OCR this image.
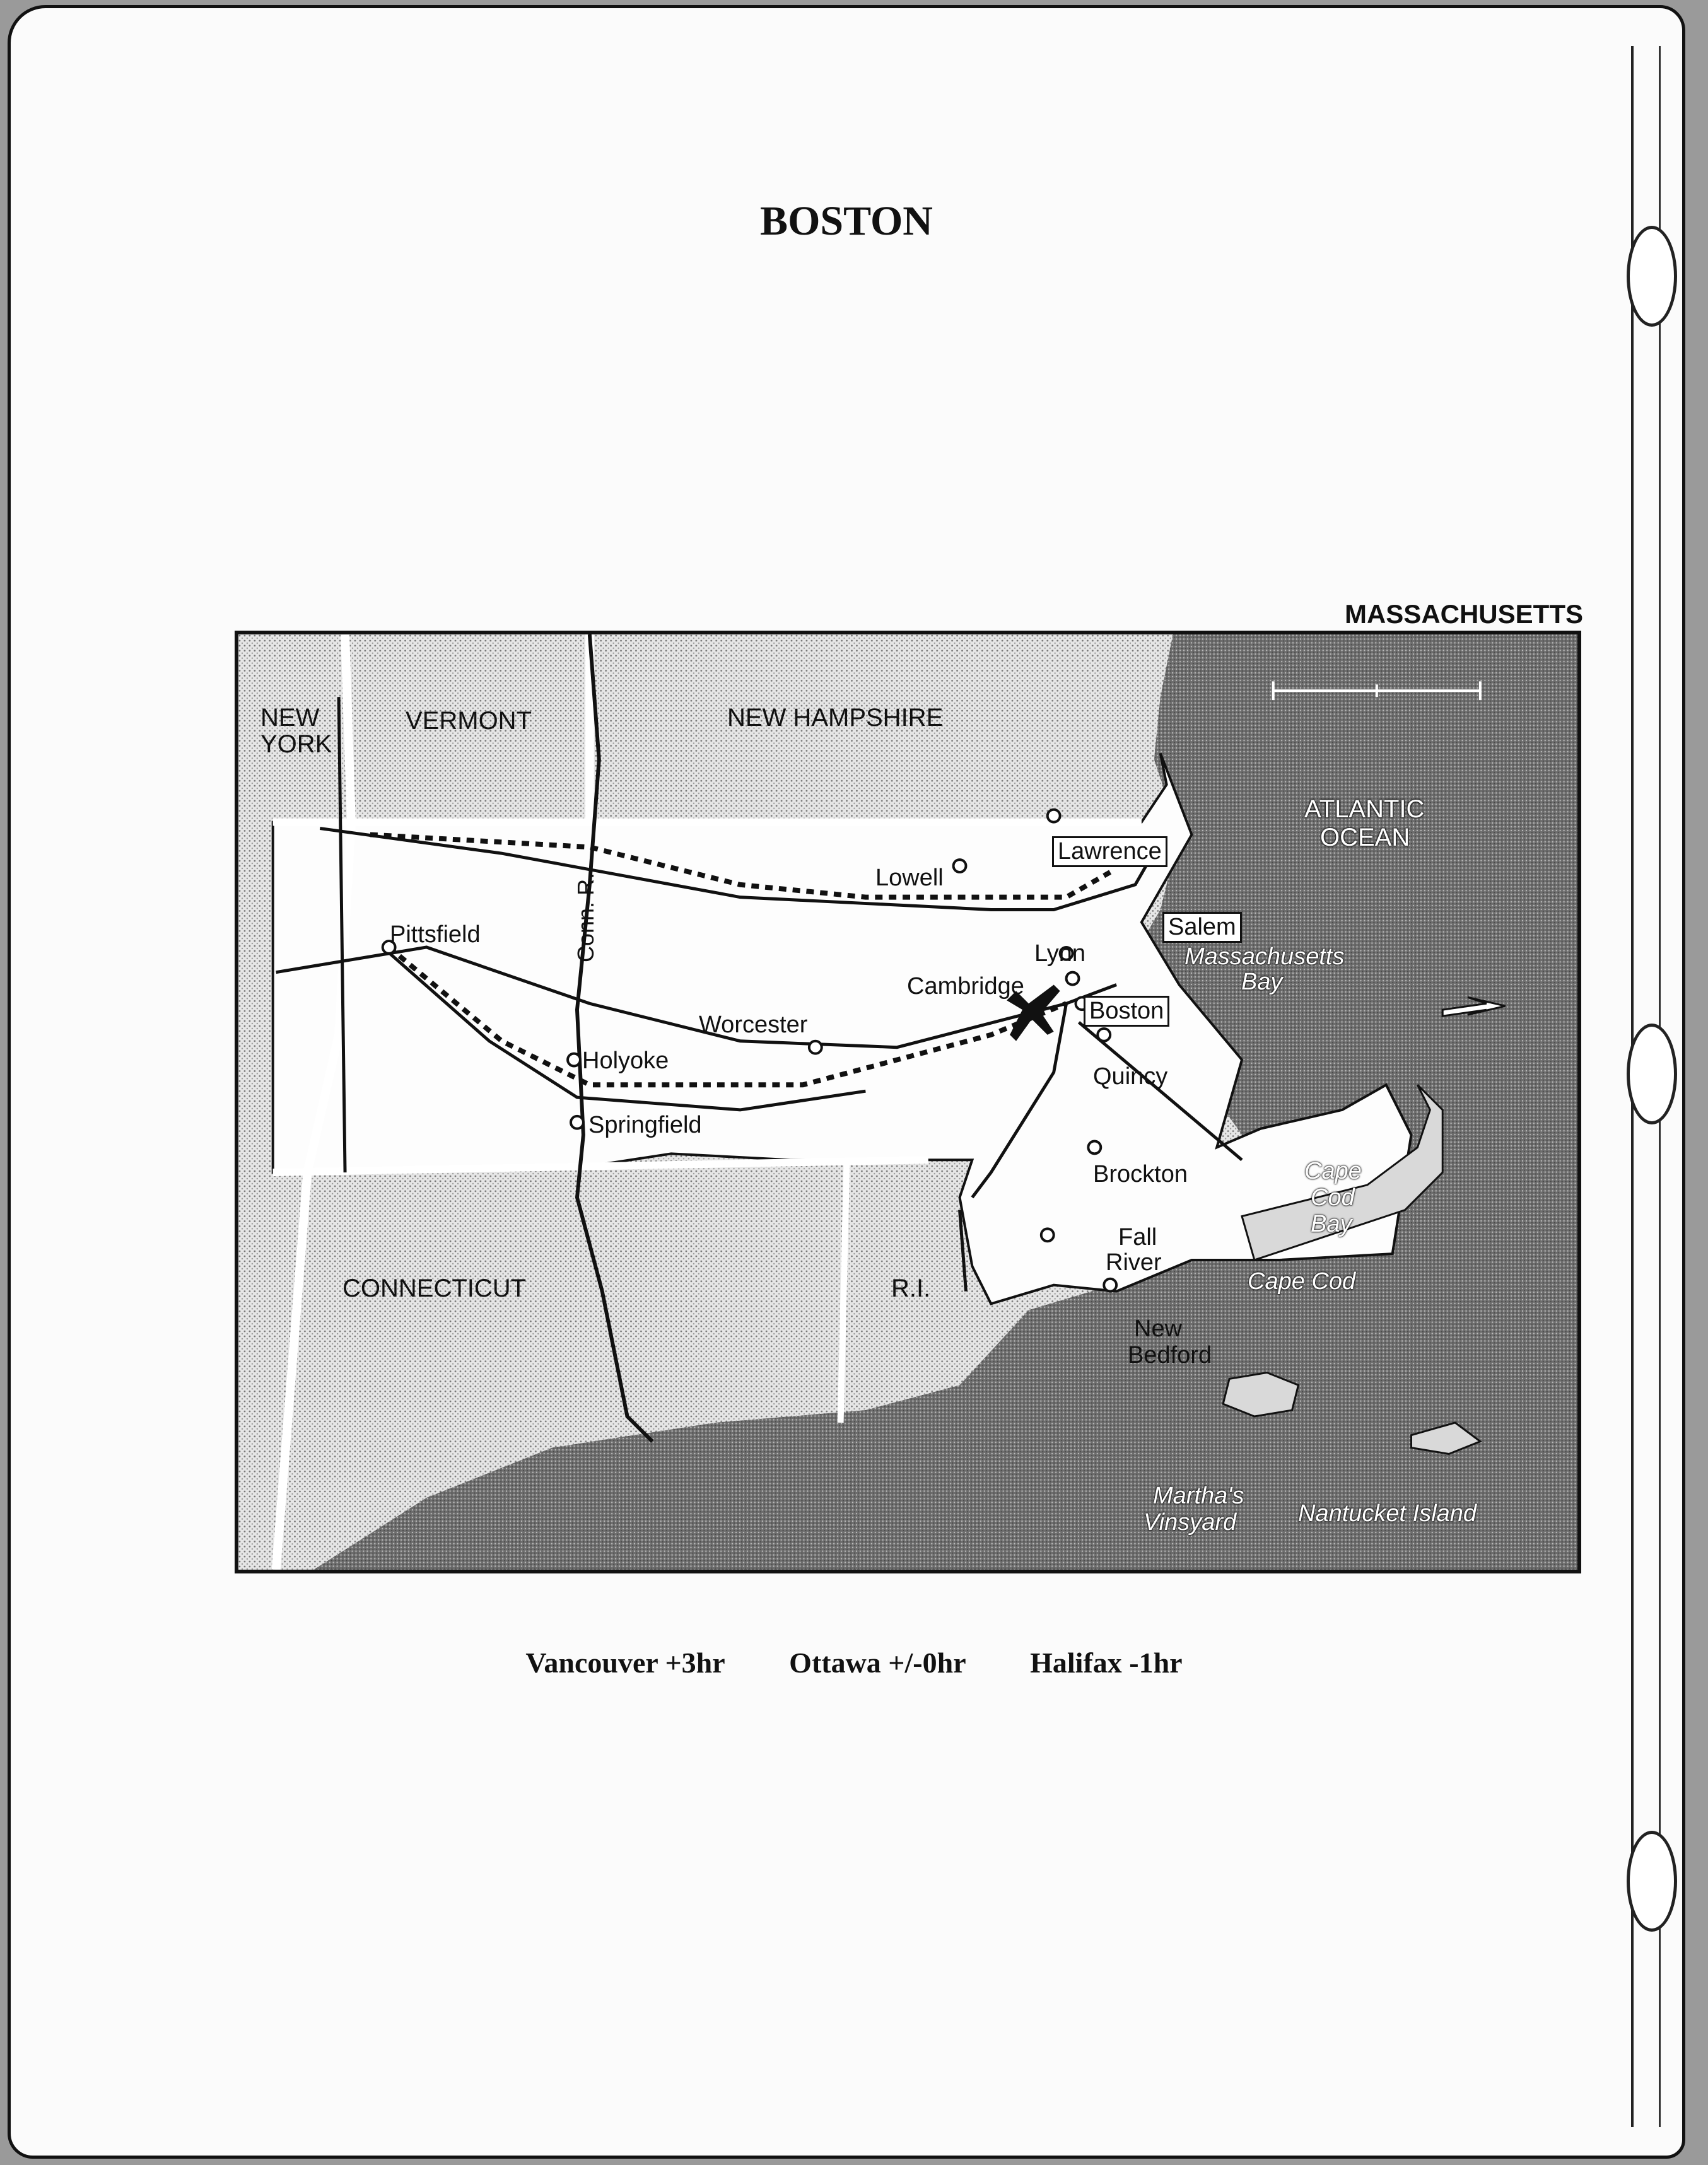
BOSTON
MASSACHUSETTS
NEW
YORK
VERMONT	NEW HAMPSHIRE
CONNECTICUT	R.I.
Pittsfield
Lowell
Lawrence
Lynn
Salem
Cambridge
Boston
Worcester
Holyoke
Springfield
Quincy
Brockton
Fall
River
New
Bedford
ATLANTIC
OCEAN
Massachusetts
Bay
Cape
Cod
Bay
Cape Cod
Martha's
Vinsyard	Nantucket Island
Conn. R.
Vancouver +3hr Ottawa +/-0hr Halifax -1hr
